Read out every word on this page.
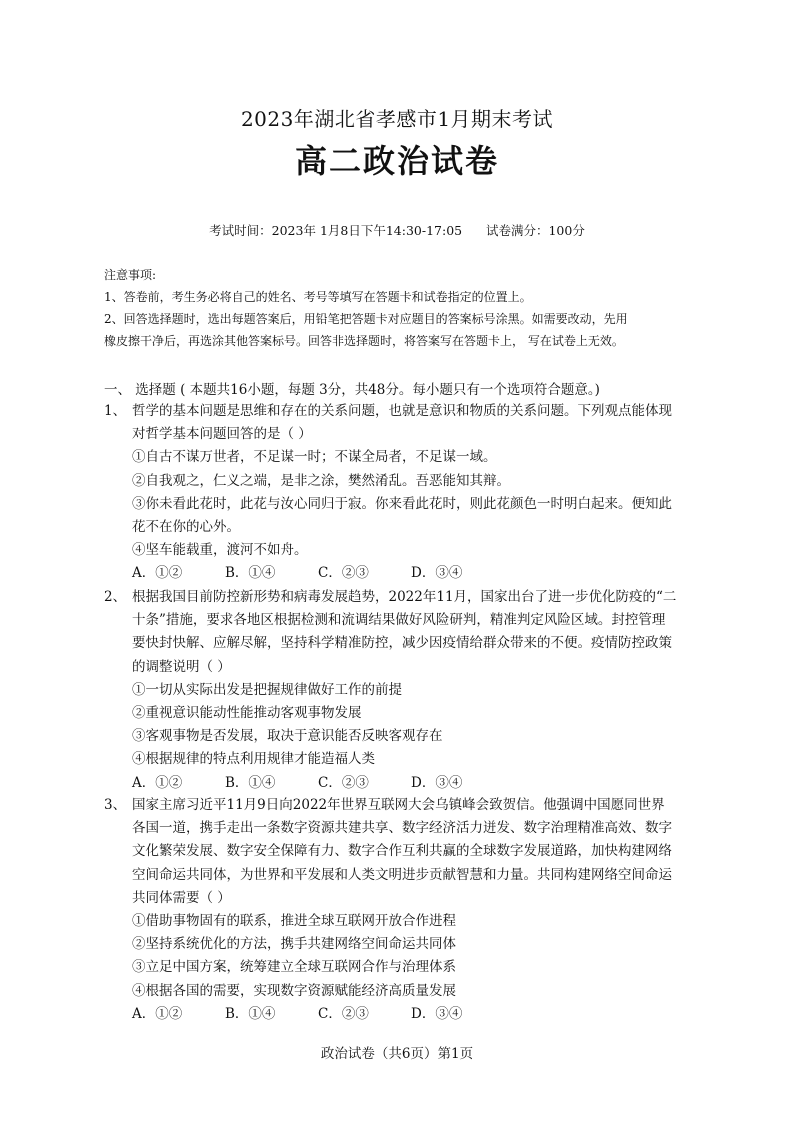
2023年湖北省孝感市1月期末考试
高二政治试卷
考试时间：2023年 1月8日下午14:30-17:05      试卷满分：100分
注意事项:
1、答卷前，考生务必将自己的姓名、考号等填写在答题卡和试卷指定的位置上。
2、回答选择题时，选出每题答案后，用铅笔把答题卡对应题目的答案标号涂黑。如需要改动，先用
橡皮擦干净后，再选涂其他答案标号。回答非选择题时，将答案写在答题卡上， 写在试卷上无效。
一、 选择题 ( 本题共16小题，每题 3分，共48分。每小题只有一个选项符合题意。)
1、 哲学的基本问题是思维和存在的关系问题，也就是意识和物质的关系问题。下列观点能体现
对哲学基本问题回答的是（ ）
①自古不谋万世者，不足谋一时；不谋全局者，不足谋一域。
②自我观之，仁义之端，是非之涂，樊然淆乱。吾恶能知其辩。
③你未看此花时，此花与汝心同归于寂。你来看此花时，则此花颜色一时明白起来。便知此
花不在你的心外。
④坚车能载重，渡河不如舟。
A．①②	B．①④	C．②③	D．③④
2、 根据我国目前防控新形势和病毒发展趋势，2022年11月，国家出台了进一步优化防疫的“二
十条”措施，要求各地区根据检测和流调结果做好风险研判，精准判定风险区域。封控管理
要快封快解、应解尽解，坚持科学精准防控，减少因疫情给群众带来的不便。疫情防控政策
的调整说明（ ）
①一切从实际出发是把握规律做好工作的前提
②重视意识能动性能推动客观事物发展
③客观事物是否发展，取决于意识能否反映客观存在
④根据规律的特点利用规律才能造福人类
A．①②	B．①④	C．②③	D．③④
3、 国家主席习近平11月9日向2022年世界互联网大会乌镇峰会致贺信。他强调中国愿同世界
各国一道，携手走出一条数字资源共建共享、数字经济活力迸发、数字治理精准高效、数字
文化繁荣发展、数字安全保障有力、数字合作互利共赢的全球数字发展道路，加快构建网络
空间命运共同体，为世界和平发展和人类文明进步贡献智慧和力量。共同构建网络空间命运
共同体需要（ ）
①借助事物固有的联系，推进全球互联网开放合作进程
②坚持系统优化的方法，携手共建网络空间命运共同体
③立足中国方案，统筹建立全球互联网合作与治理体系
④根据各国的需要，实现数字资源赋能经济高质量发展
A．①②	B．①④	C．②③	D．③④
政治试卷（共6页）第1页
